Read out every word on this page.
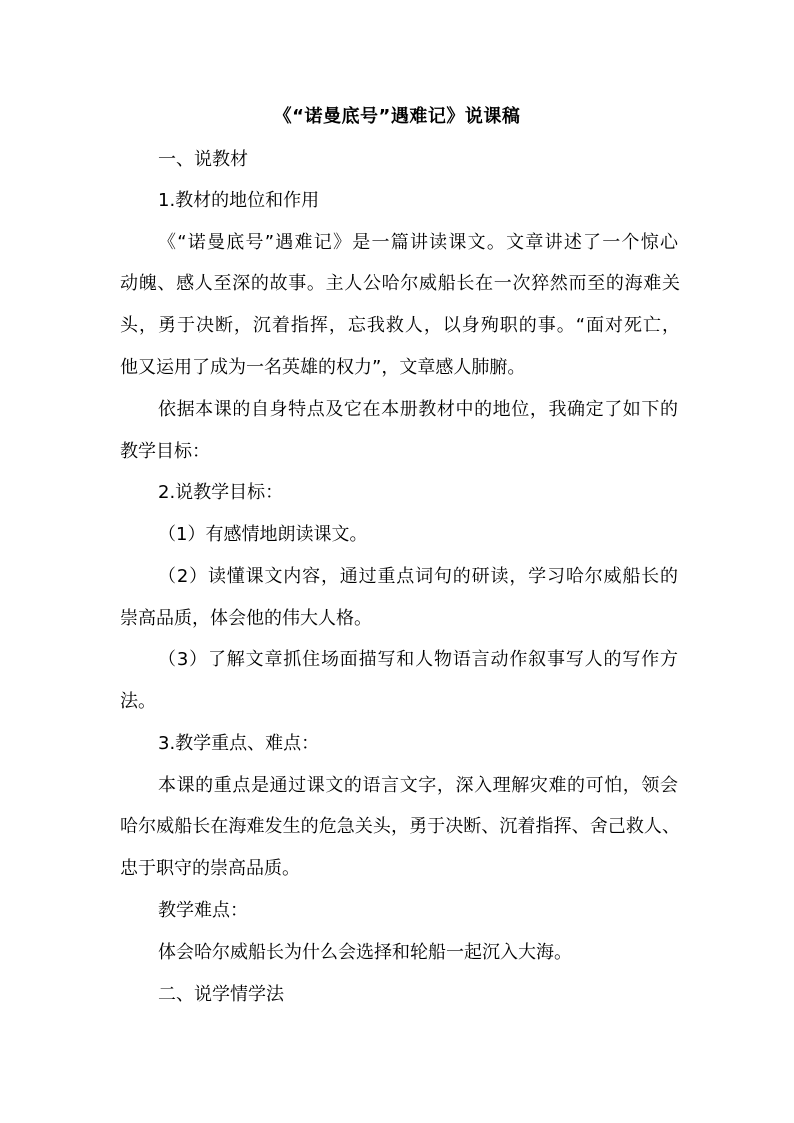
《“诺曼底号”遇难记》说课稿
一、说教材
1.教材的地位和作用
《“诺曼底号”遇难记》是一篇讲读课文。文章讲述了一个惊心
动魄、感人至深的故事。主人公哈尔威船长在一次猝然而至的海难关
头，勇于决断，沉着指挥，忘我救人，以身殉职的事。“面对死亡，
他又运用了成为一名英雄的权力”，文章感人肺腑。
依据本课的自身特点及它在本册教材中的地位，我确定了如下的
教学目标：
2.说教学目标：
（1）有感情地朗读课文。
（2）读懂课文内容，通过重点词句的研读，学习哈尔威船长的
崇高品质，体会他的伟大人格。
（3）了解文章抓住场面描写和人物语言动作叙事写人的写作方
法。
3.教学重点、难点：
本课的重点是通过课文的语言文字，深入理解灾难的可怕，领会
哈尔威船长在海难发生的危急关头，勇于决断、沉着指挥、舍己救人、
忠于职守的崇高品质。
教学难点：
体会哈尔威船长为什么会选择和轮船一起沉入大海。
二、说学情学法
